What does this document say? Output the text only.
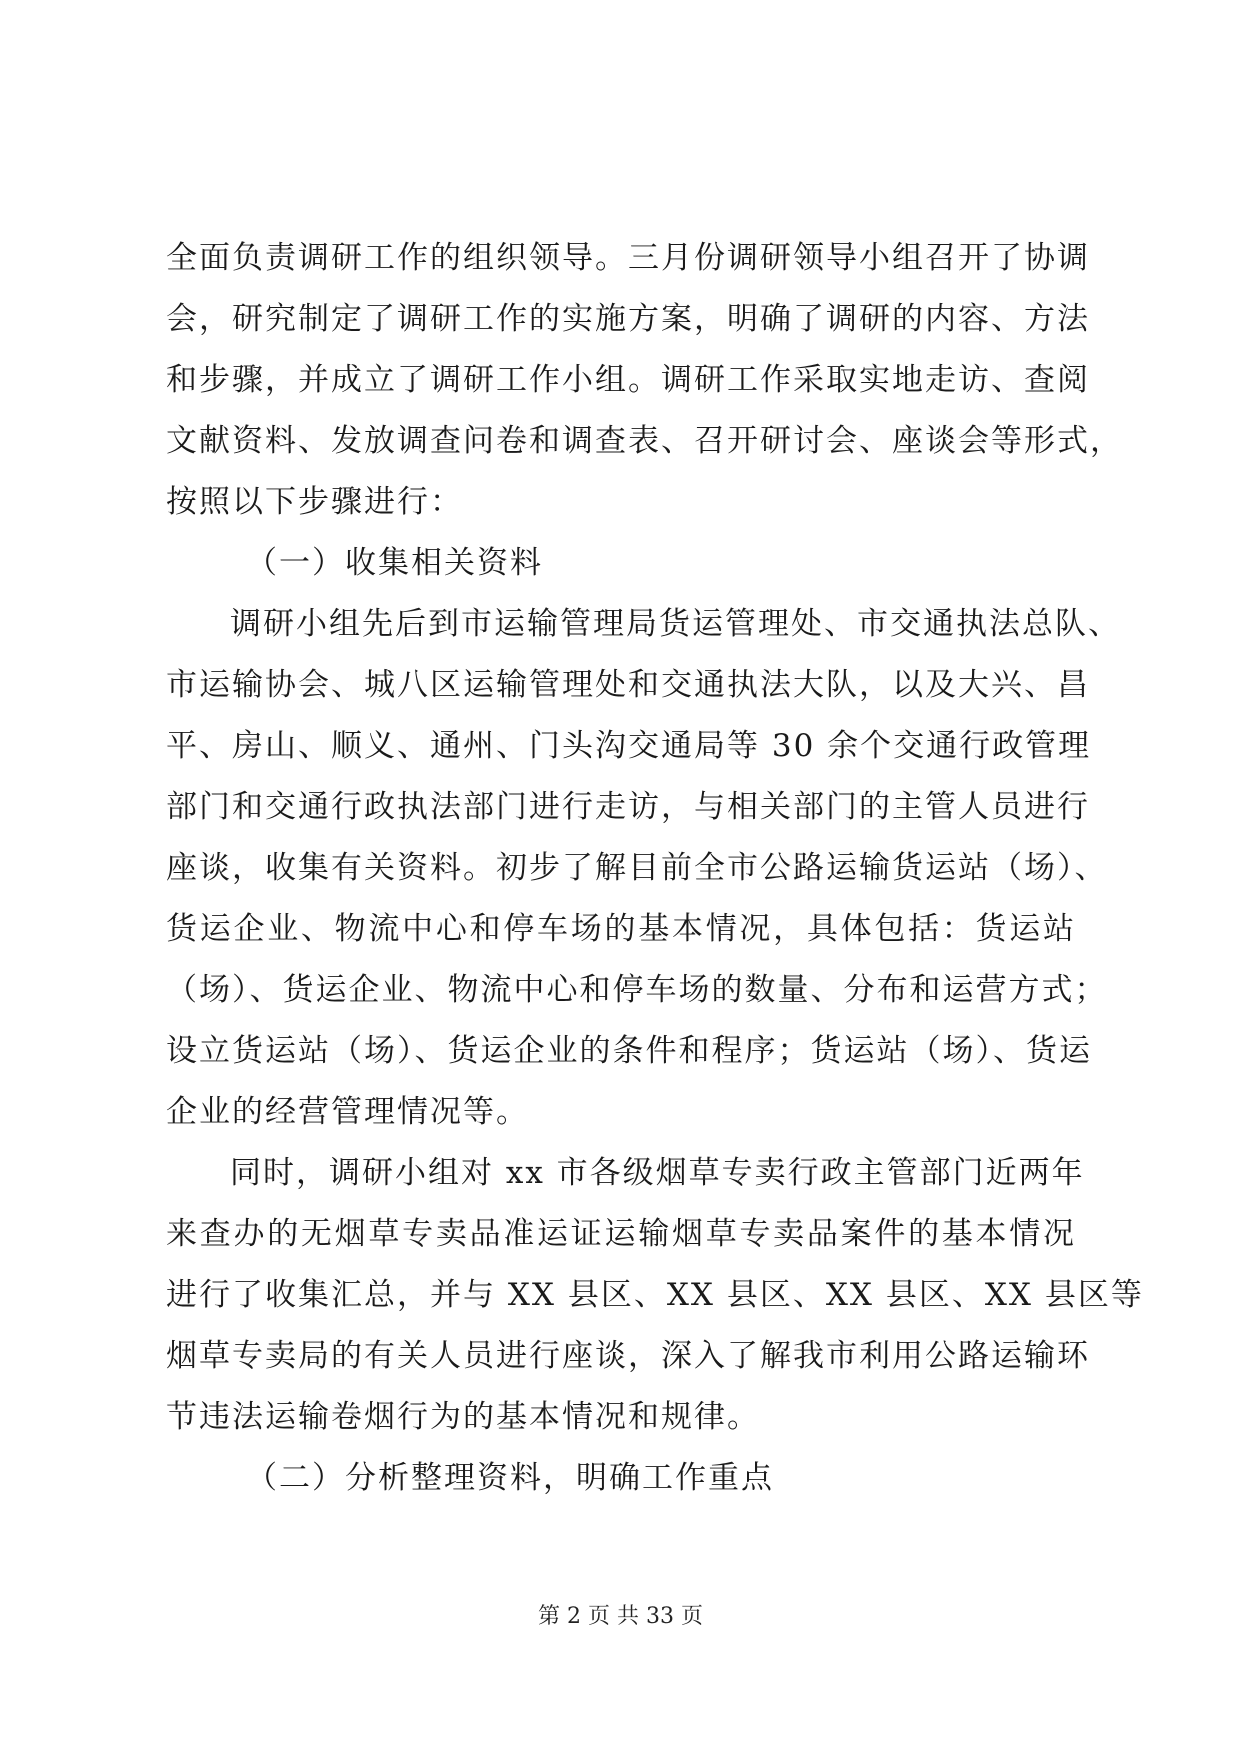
全面负责调研工作的组织领导。三月份调研领导小组召开了协调
会，研究制定了调研工作的实施方案，明确了调研的内容、方法
和步骤，并成立了调研工作小组。调研工作采取实地走访、查阅
文献资料、发放调查问卷和调查表、召开研讨会、座谈会等形式，
按照以下步骤进行：
（一）收集相关资料
调研小组先后到市运输管理局货运管理处、市交通执法总队、
市运输协会、城八区运输管理处和交通执法大队，以及大兴、昌
平、房山、顺义、通州、门头沟交通局等 30 余个交通行政管理
部门和交通行政执法部门进行走访，与相关部门的主管人员进行
座谈，收集有关资料。初步了解目前全市公路运输货运站（场）、
货运企业、物流中心和停车场的基本情况，具体包括：货运站
（场）、货运企业、物流中心和停车场的数量、分布和运营方式；
设立货运站（场）、货运企业的条件和程序；货运站（场）、货运
企业的经营管理情况等。
同时，调研小组对 xx 市各级烟草专卖行政主管部门近两年
来查办的无烟草专卖品准运证运输烟草专卖品案件的基本情况
进行了收集汇总，并与 XX 县区、XX 县区、XX 县区、XX 县区等
烟草专卖局的有关人员进行座谈，深入了解我市利用公路运输环
节违法运输卷烟行为的基本情况和规律。
（二）分析整理资料，明确工作重点
第 2 页 共 33 页
